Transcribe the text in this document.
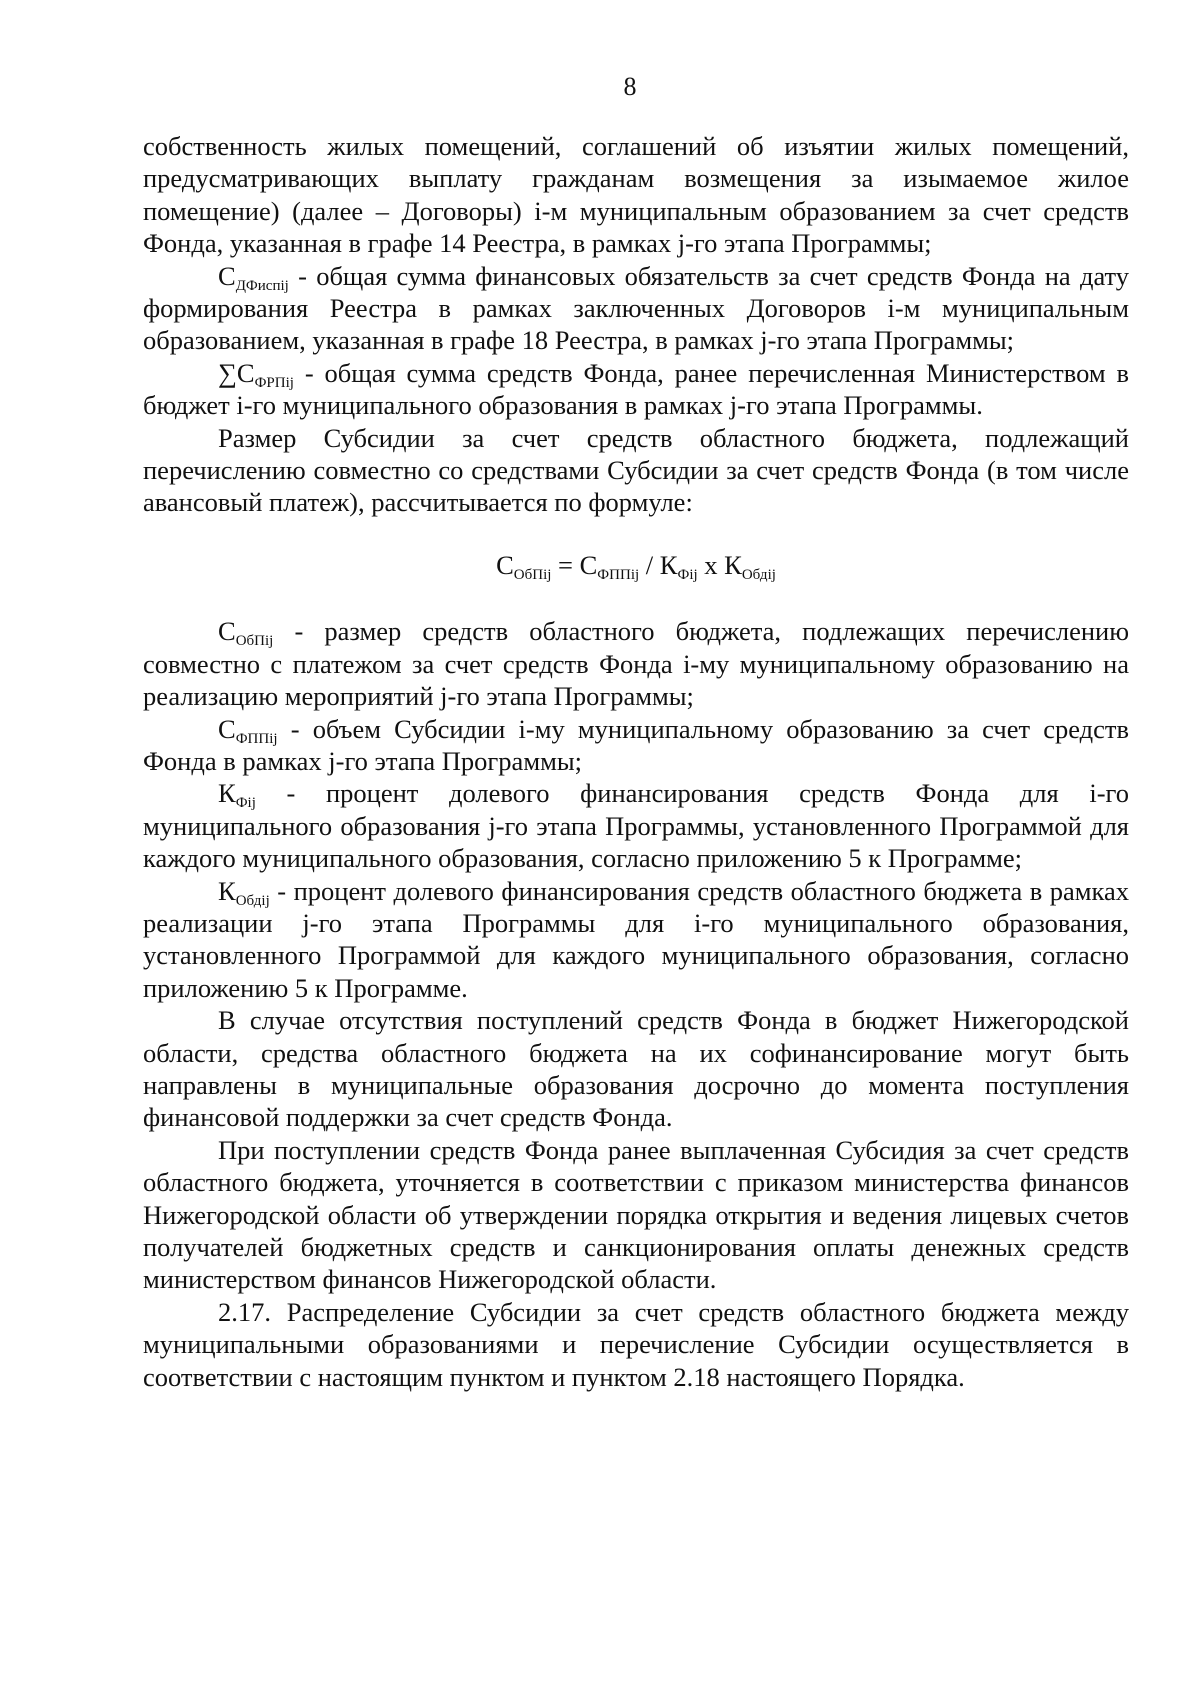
8

собственность жилых помещений, соглашений об изъятии жилых помещений, предусматривающих выплату гражданам возмещения за изымаемое жилое помещение) (далее – Договоры) i-м муниципальным образованием за счет средств Фонда, указанная в графе 14 Реестра, в рамках j-го этапа Программы;

$С_{ДФиспij}$ - общая сумма финансовых обязательств за счет средств Фонда на дату формирования Реестра в рамках заключенных Договоров i-м муниципальным образованием, указанная в графе 18 Реестра, в рамках j-го этапа Программы;

$\sum С_{ФРПij}$ - общая сумма средств Фонда, ранее перечисленная Министерством в бюджет i-го муниципального образования в рамках j-го этапа Программы.

Размер Субсидии за счет средств областного бюджета, подлежащий перечислению совместно со средствами Субсидии за счет средств Фонда (в том числе авансовый платеж), рассчитывается по формуле:

$С_{ОбПij} = С_{ФППij} / К_{Фij}$ х $К_{Обдij}$

$С_{ОбПij}$ - размер средств областного бюджета, подлежащих перечислению совместно с платежом за счет средств Фонда i-му муниципальному образованию на реализацию мероприятий j-го этапа Программы;

$С_{ФППij}$ - объем Субсидии i-му муниципальному образованию за счет средств Фонда в рамках j-го этапа Программы;

$К_{Фij}$ - процент долевого финансирования средств Фонда для i-го муниципального образования j-го этапа Программы, установленного Программой для каждого муниципального образования, согласно приложению 5 к Программе;

$К_{Обдij}$ - процент долевого финансирования средств областного бюджета в рамках реализации j-го этапа Программы для i-го муниципального образования, установленного Программой для каждого муниципального образования, согласно приложению 5 к Программе.

В случае отсутствия поступлений средств Фонда в бюджет Нижегородской области, средства областного бюджета на их софинансирование могут быть направлены в муниципальные образования досрочно до момента поступления финансовой поддержки за счет средств Фонда.

При поступлении средств Фонда ранее выплаченная Субсидия за счет средств областного бюджета, уточняется в соответствии с приказом министерства финансов Нижегородской области об утверждении порядка открытия и ведения лицевых счетов получателей бюджетных средств и санкционирования оплаты денежных средств министерством финансов Нижегородской области.

2.17. Распределение Субсидии за счет средств областного бюджета между муниципальными образованиями и перечисление Субсидии осуществляется в соответствии с настоящим пунктом и пунктом 2.18 настоящего Порядка.
